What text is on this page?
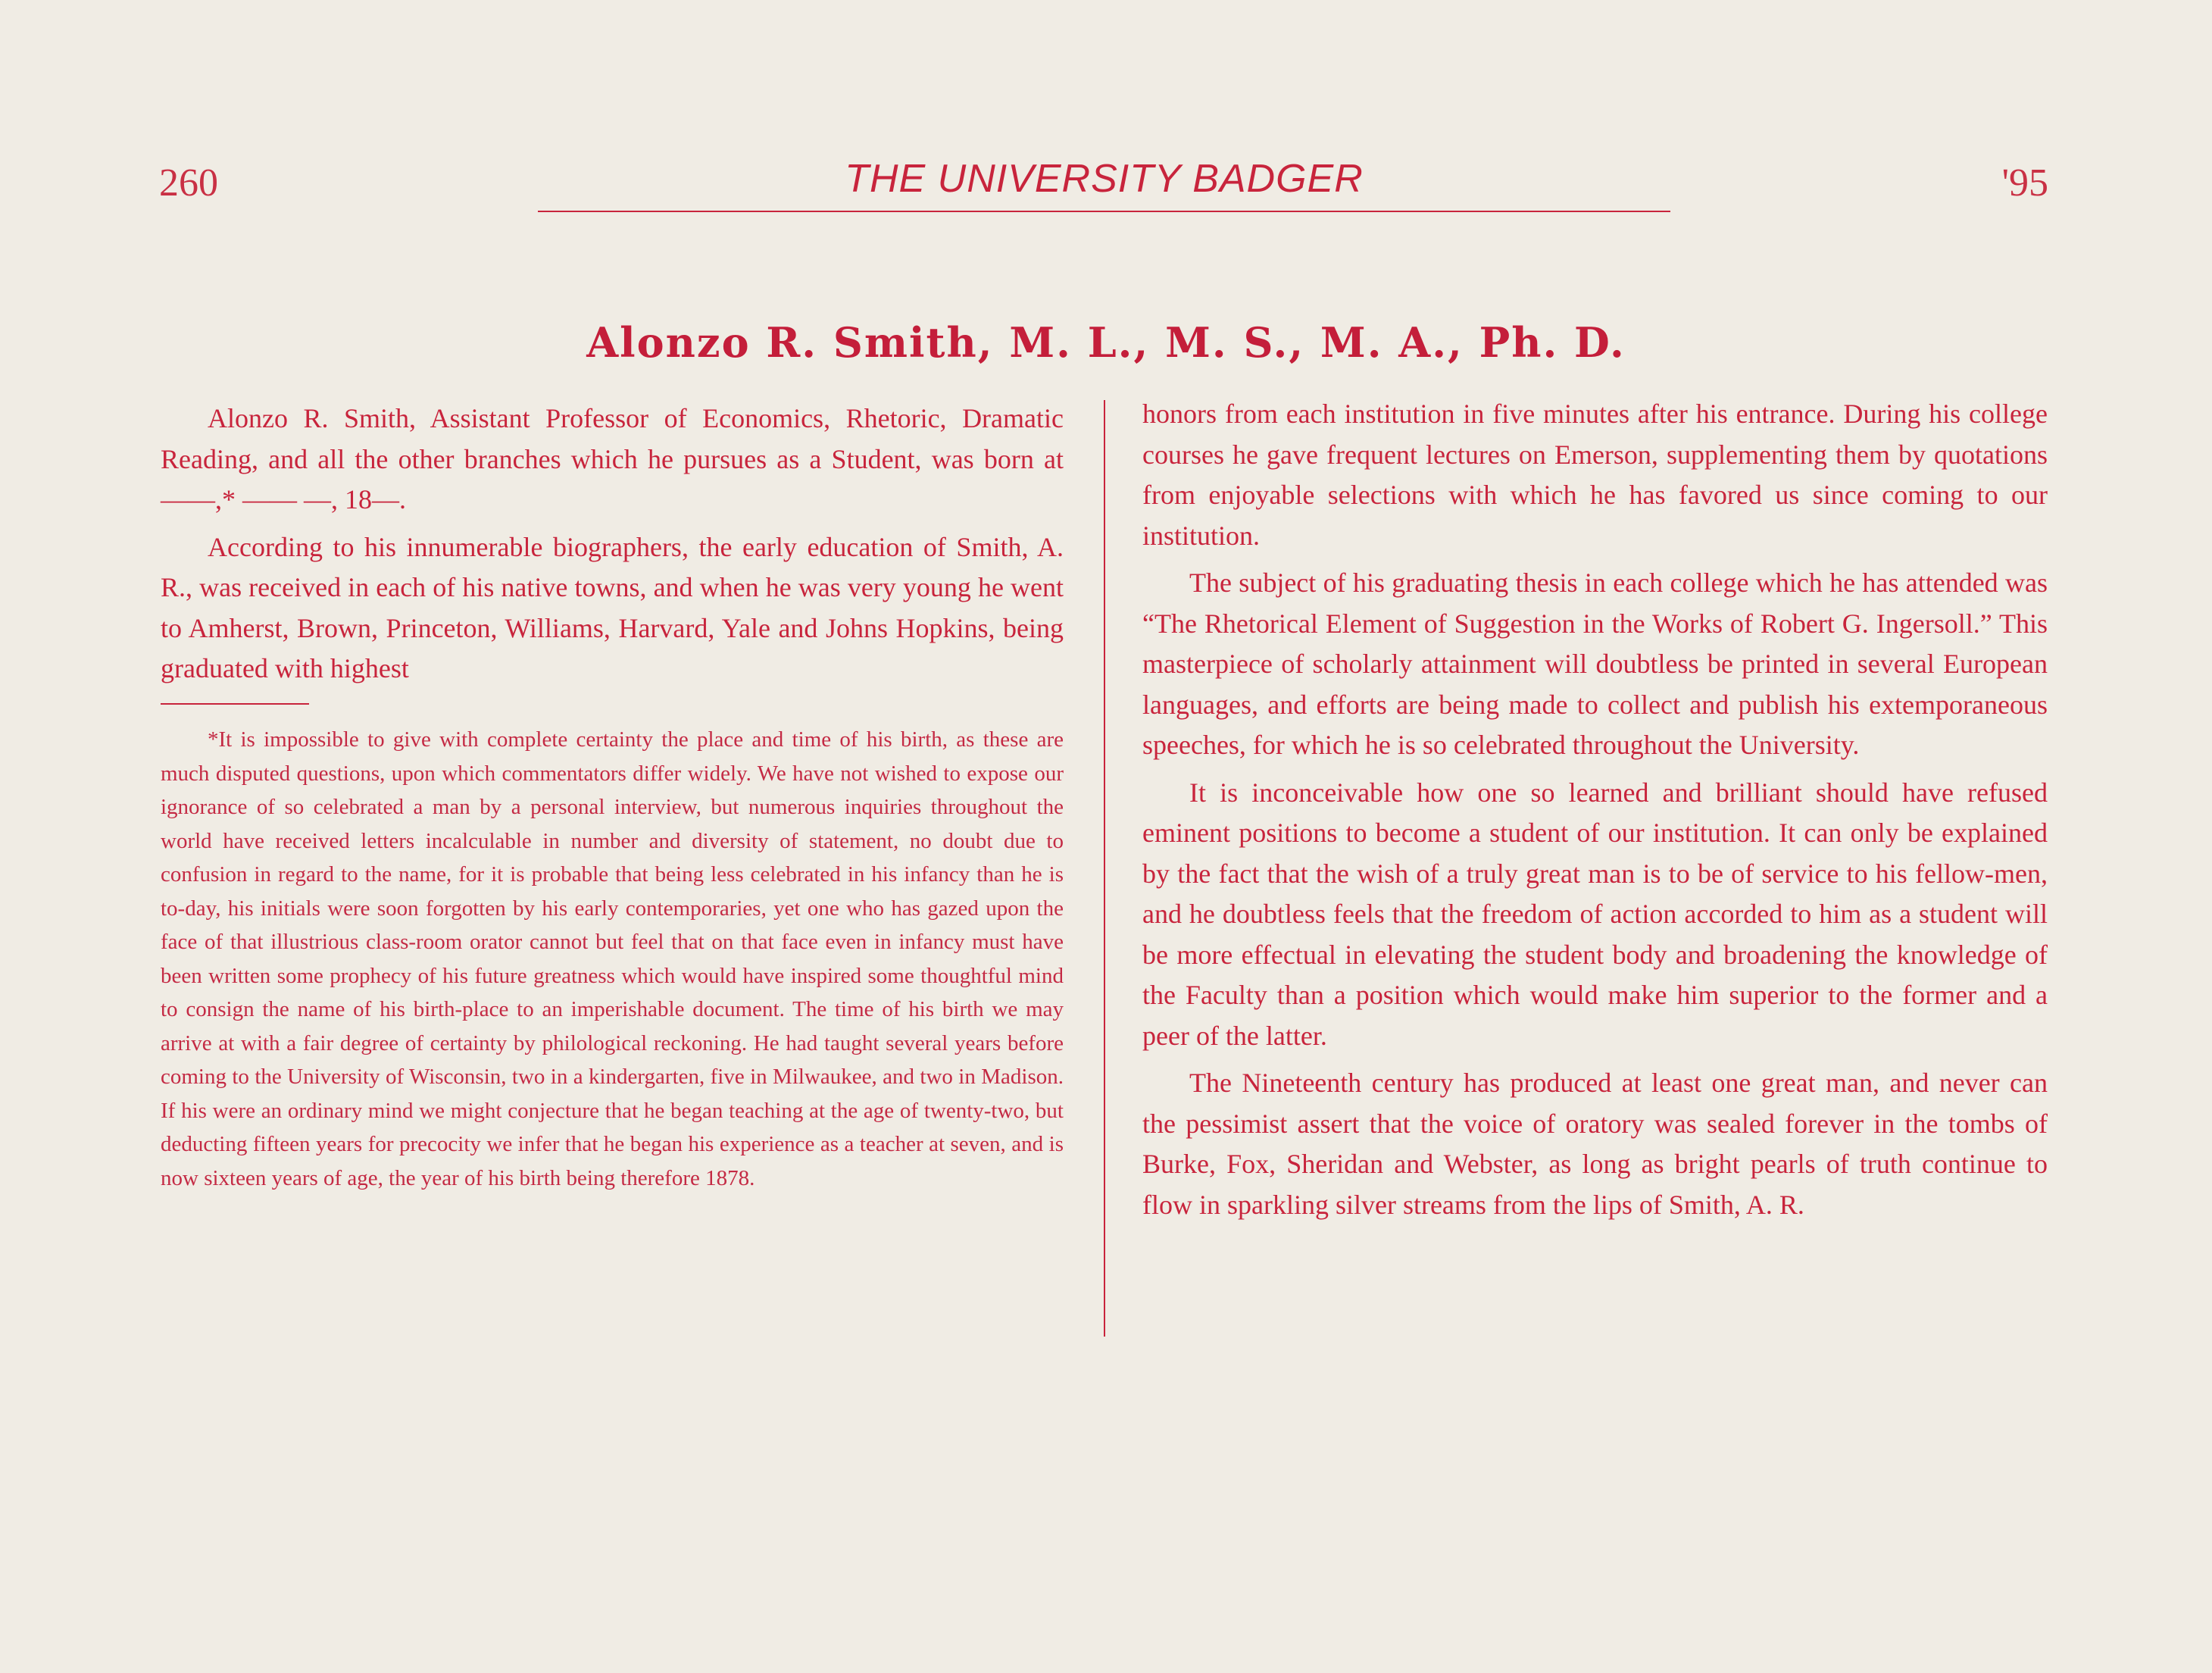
260	THE UNIVERSITY BADGER	'95
Alonzo R. Smith, M. L., M. S., M. A., Ph. D.

Alonzo R. Smith, Assistant Professor of Economics, Rhetoric, Dramatic Reading, and all the other branches which he pursues as a Student, was born at ——,* —— —, 18—.

According to his innumerable biographers, the early education of Smith, A. R., was received in each of his native towns, and when he was very young he went to Amherst, Brown, Princeton, Williams, Harvard, Yale and Johns Hopkins, being graduated with highest

*It is impossible to give with complete certainty the place and time of his birth, as these are much disputed questions, upon which commentators differ widely. We have not wished to expose our ignorance of so celebrated a man by a personal interview, but numerous inquiries throughout the world have received letters incalculable in number and diversity of statement, no doubt due to confusion in regard to the name, for it is probable that being less celebrated in his infancy than he is to-day, his initials were soon forgotten by his early contemporaries, yet one who has gazed upon the face of that illustrious class-room orator cannot but feel that on that face even in infancy must have been written some prophecy of his future greatness which would have inspired some thoughtful mind to consign the name of his birth-place to an imperishable document. The time of his birth we may arrive at with a fair degree of certainty by philological reckoning. He had taught several years before coming to the University of Wisconsin, two in a kindergarten, five in Milwaukee, and two in Madison. If his were an ordinary mind we might conjecture that he began teaching at the age of twenty-two, but deducting fifteen years for precocity we infer that he began his experience as a teacher at seven, and is now sixteen years of age, the year of his birth being therefore 1878.

honors from each institution in five minutes after his entrance. During his college courses he gave frequent lectures on Emerson, supplementing them by quotations from enjoyable selections with which he has favored us since coming to our institution.

The subject of his graduating thesis in each college which he has attended was “The Rhetorical Element of Suggestion in the Works of Robert G. Ingersoll.” This masterpiece of scholarly attainment will doubtless be printed in several European languages, and efforts are being made to collect and publish his extemporaneous speeches, for which he is so celebrated throughout the University.

It is inconceivable how one so learned and brilliant should have refused eminent positions to become a student of our institution. It can only be explained by the fact that the wish of a truly great man is to be of service to his fellow-men, and he doubtless feels that the freedom of action accorded to him as a student will be more effectual in elevating the student body and broadening the knowledge of the Faculty than a position which would make him superior to the former and a peer of the latter.

The Nineteenth century has produced at least one great man, and never can the pessimist assert that the voice of oratory was sealed forever in the tombs of Burke, Fox, Sheridan and Webster, as long as bright pearls of truth continue to flow in sparkling silver streams from the lips of Smith, A. R.
